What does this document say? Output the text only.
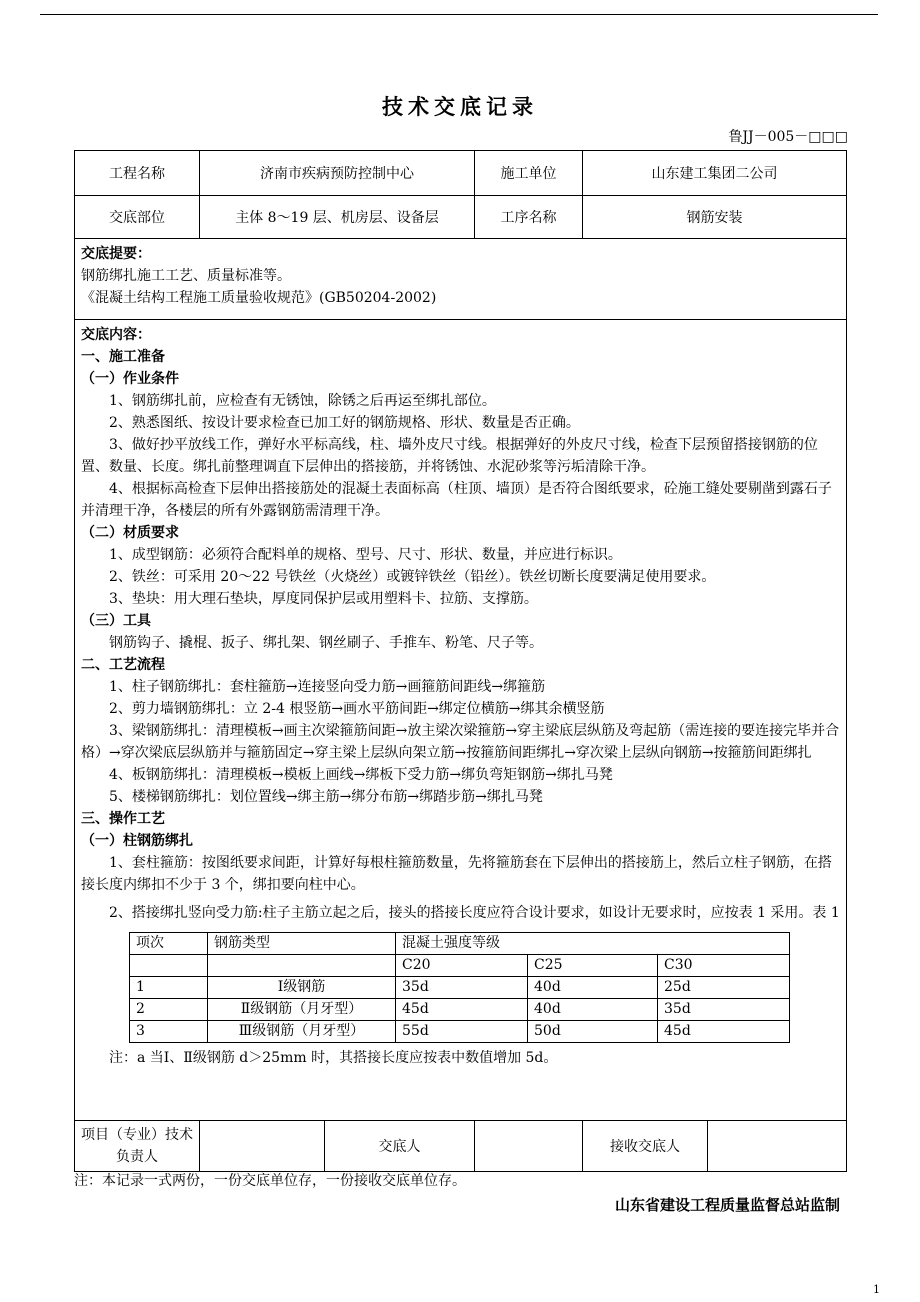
技术交底记录
鲁JJ－005－□□□
工程名称	济南市疾病预防控制中心	施工单位	山东建工集团二公司
交底部位	主体 8～19 层、机房层、设备层	工序名称	钢筋安装

交底提要：

钢筋绑扎施工工艺、质量标准等。

《混凝土结构工程施工质量验收规范》(GB50204-2002)

交底内容：

一、施工准备

（一）作业条件

1、钢筋绑扎前，应检查有无锈蚀，除锈之后再运至绑扎部位。

2、熟悉图纸、按设计要求检查已加工好的钢筋规格、形状、数量是否正确。

3、做好抄平放线工作，弹好水平标高线，柱、墙外皮尺寸线。根据弹好的外皮尺寸线，检查下层预留搭接钢筋的位置、数量、长度。绑扎前整理调直下层伸出的搭接筋，并将锈蚀、水泥砂浆等污垢清除干净。

4、根据标高检查下层伸出搭接筋处的混凝土表面标高（柱顶、墙顶）是否符合图纸要求，砼施工缝处要剔凿到露石子并清理干净，各楼层的所有外露钢筋需清理干净。

（二）材质要求

1、成型钢筋：必须符合配料单的规格、型号、尺寸、形状、数量，并应进行标识。

2、铁丝：可采用 20～22 号铁丝（火烧丝）或镀锌铁丝（铅丝）。铁丝切断长度要满足使用要求。

3、垫块：用大理石垫块，厚度同保护层或用塑料卡、拉筋、支撑筋。

（三）工具

钢筋钩子、撬棍、扳子、绑扎架、钢丝刷子、手推车、粉笔、尺子等。

二、工艺流程

1、柱子钢筋绑扎：套柱箍筋→连接竖向受力筋→画箍筋间距线→绑箍筋

2、剪力墙钢筋绑扎：立 2-4 根竖筋→画水平筋间距→绑定位横筋→绑其余横竖筋

3、梁钢筋绑扎：清理模板→画主次梁箍筋间距→放主梁次梁箍筋→穿主梁底层纵筋及弯起筋（需连接的要连接完毕并合格）→穿次梁底层纵筋并与箍筋固定→穿主梁上层纵向架立筋→按箍筋间距绑扎→穿次梁上层纵向钢筋→按箍筋间距绑扎

4、板钢筋绑扎：清理模板→模板上画线→绑板下受力筋→绑负弯矩钢筋→绑扎马凳

5、楼梯钢筋绑扎：划位置线→绑主筋→绑分布筋→绑踏步筋→绑扎马凳

三、操作工艺

（一）柱钢筋绑扎

1、套柱箍筋：按图纸要求间距，计算好每根柱箍筋数量，先将箍筋套在下层伸出的搭接筋上，然后立柱子钢筋，在搭接长度内绑扣不少于 3 个，绑扣要向柱中心。

2、搭接绑扎竖向受力筋:柱子主筋立起之后，接头的搭接长度应符合设计要求，如设计无要求时，应按表 1 采用。表 1

项次	钢筋类型	混凝土强度等级
		C20	C25	C30
1	Ⅰ级钢筋	35d	40d	25d
2	Ⅱ级钢筋（月牙型）	45d	40d	35d
3	Ⅲ级钢筋（月牙型）	55d	50d	45d

注：a 当Ⅰ、Ⅱ级钢筋 d＞25mm 时，其搭接长度应按表中数值增加 5d。

项目（专业）技术负责人		交底人		接收交底人	
注：本记录一式两份，一份交底单位存，一份接收交底单位存。
山东省建设工程质量监督总站监制
1
